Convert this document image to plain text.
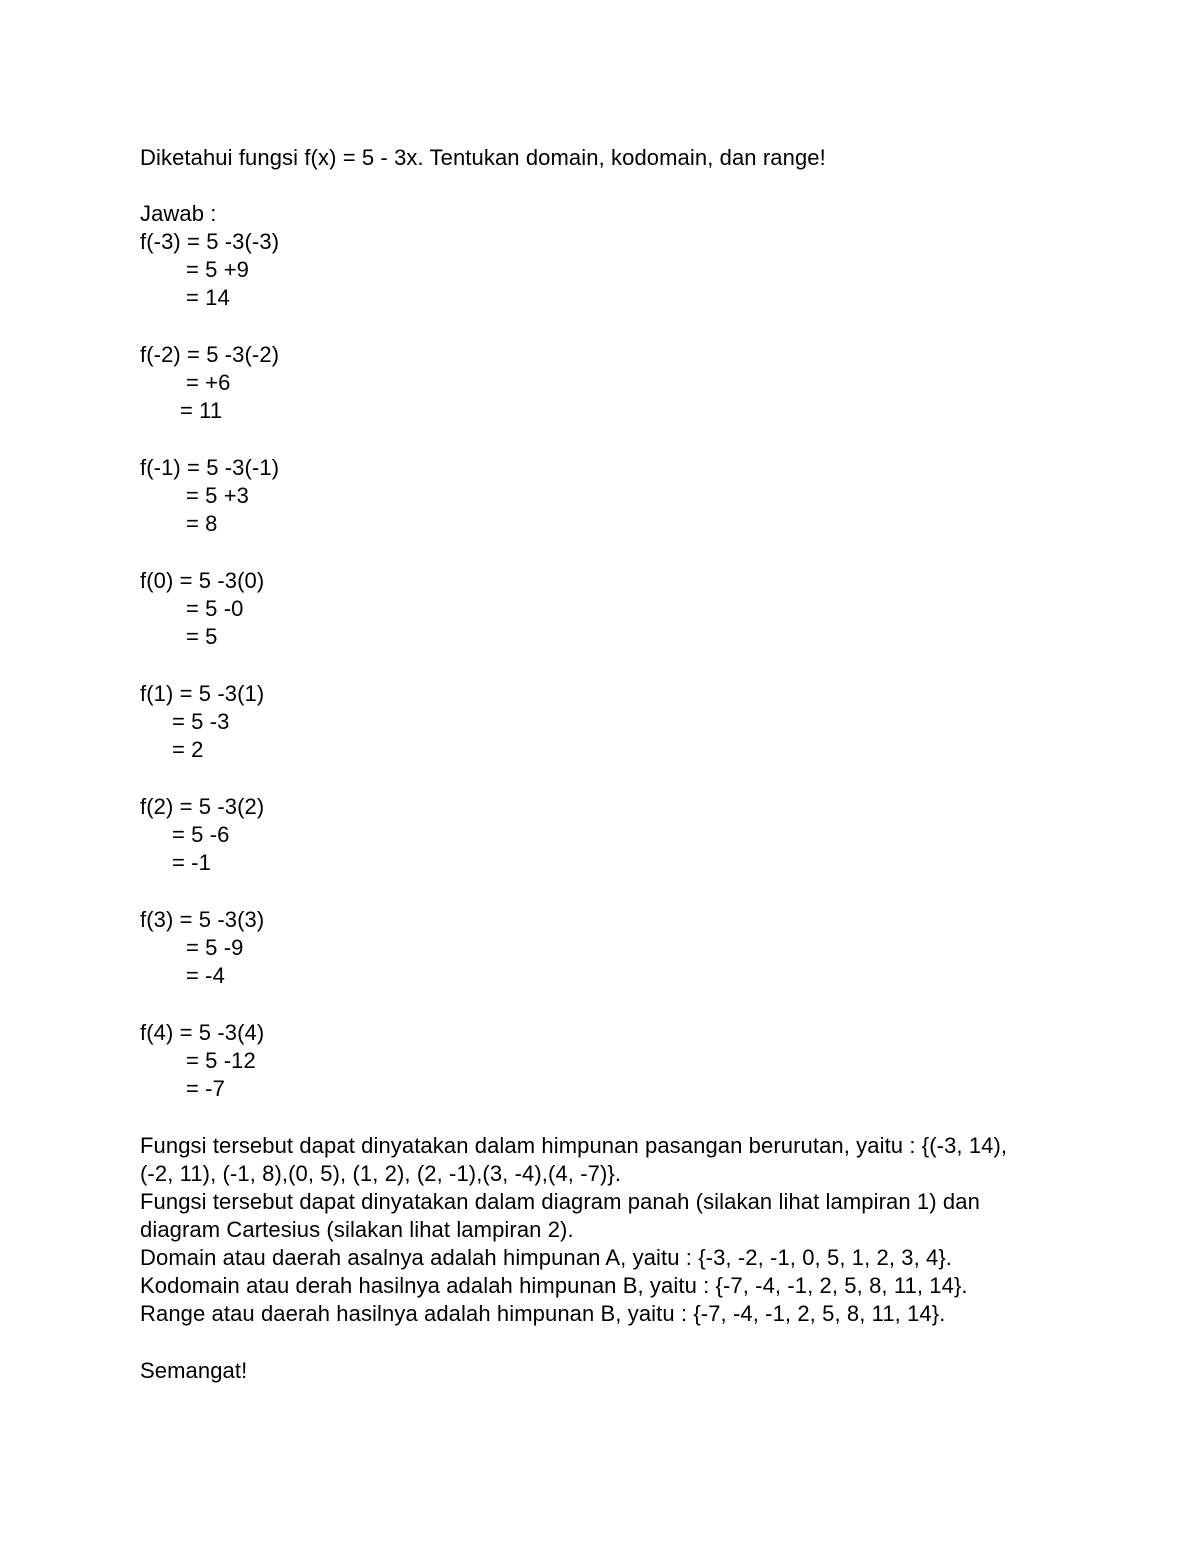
Diketahui fungsi f(x) = 5 - 3x. Tentukan domain, kodomain, dan range!
Jawab :
f(-3) = 5 -3(-3)
= 5 +9
= 14
f(-2) = 5 -3(-2)
= +6
= 11
f(-1) = 5 -3(-1)
= 5 +3
= 8
f(0) = 5 -3(0)
= 5 -0
= 5
f(1) = 5 -3(1)
= 5 -3
= 2
f(2) = 5 -3(2)
= 5 -6
= -1
f(3) = 5 -3(3)
= 5 -9
= -4
f(4) = 5 -3(4)
= 5 -12
= -7
Fungsi tersebut dapat dinyatakan dalam himpunan pasangan berurutan, yaitu : {(-3, 14),
(-2, 11), (-1, 8),(0, 5), (1, 2), (2, -1),(3, -4),(4, -7)}.
Fungsi tersebut dapat dinyatakan dalam diagram panah (silakan lihat lampiran 1) dan
diagram Cartesius (silakan lihat lampiran 2).
Domain atau daerah asalnya adalah himpunan A, yaitu : {-3, -2, -1, 0, 5, 1, 2, 3, 4}.
Kodomain atau derah hasilnya adalah himpunan B, yaitu : {-7, -4, -1, 2, 5, 8, 11, 14}.
Range atau daerah hasilnya adalah himpunan B, yaitu : {-7, -4, -1, 2, 5, 8, 11, 14}.
Semangat!
